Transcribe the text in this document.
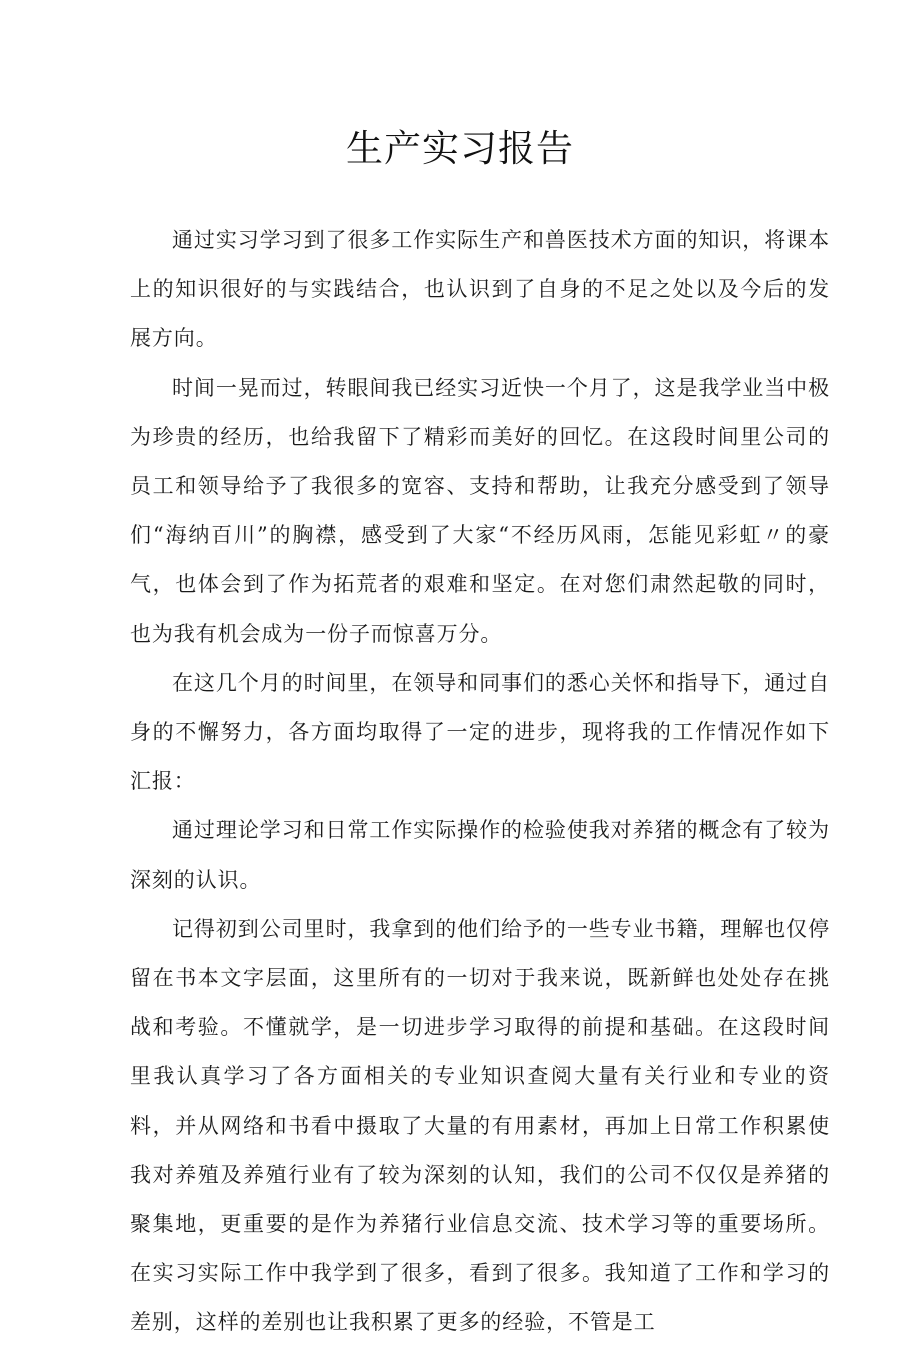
生产实习报告

通过实习学习到了很多工作实际生产和兽医技术方面的知识，将课本上的知识很好的与实践结合，也认识到了自身的不足之处以及今后的发展方向。

时间一晃而过，转眼间我已经实习近快一个月了，这是我学业当中极为珍贵的经历，也给我留下了精彩而美好的回忆。在这段时间里公司的员工和领导给予了我很多的宽容、支持和帮助，让我充分感受到了领导们“海纳百川”的胸襟，感受到了大家“不经历风雨，怎能见彩虹〃的豪气，也体会到了作为拓荒者的艰难和坚定。在对您们肃然起敬的同时，也为我有机会成为一份子而惊喜万分。

在这几个月的时间里，在领导和同事们的悉心关怀和指导下，通过自身的不懈努力，各方面均取得了一定的进步，现将我的工作情况作如下汇报：

通过理论学习和日常工作实际操作的检验使我对养猪的概念有了较为深刻的认识。

记得初到公司里时，我拿到的他们给予的一些专业书籍，理解也仅停留在书本文字层面，这里所有的一切对于我来说，既新鲜也处处存在挑战和考验。不懂就学，是一切进步学习取得的前提和基础。在这段时间里我认真学习了各方面相关的专业知识查阅大量有关行业和专业的资料，并从网络和书看中摄取了大量的有用素材，再加上日常工作积累使我对养殖及养殖行业有了较为深刻的认知，我们的公司不仅仅是养猪的聚集地，更重要的是作为养猪行业信息交流、技术学习等的重要场所。在实习实际工作中我学到了很多，看到了很多。我知道了工作和学习的差别，这样的差别也让我积累了更多的经验，不管是工
